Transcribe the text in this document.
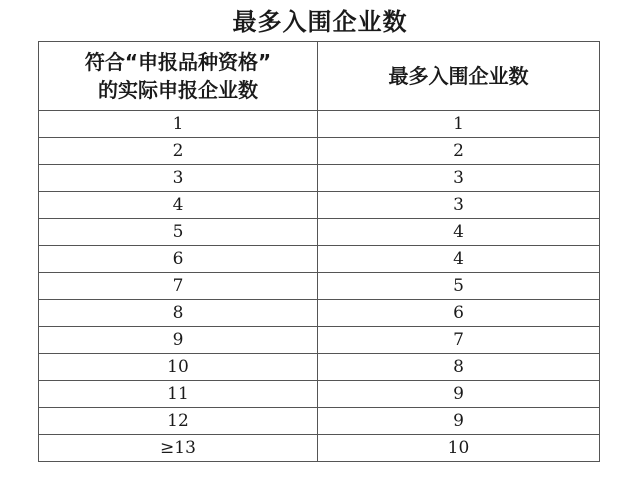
最多入围企业数
符合“申报品种资格”
的实际申报企业数	最多入围企业数
1	1
2	2
3	3
4	3
5	4
6	4
7	5
8	6
9	7
10	8
11	9
12	9
≥13	10
